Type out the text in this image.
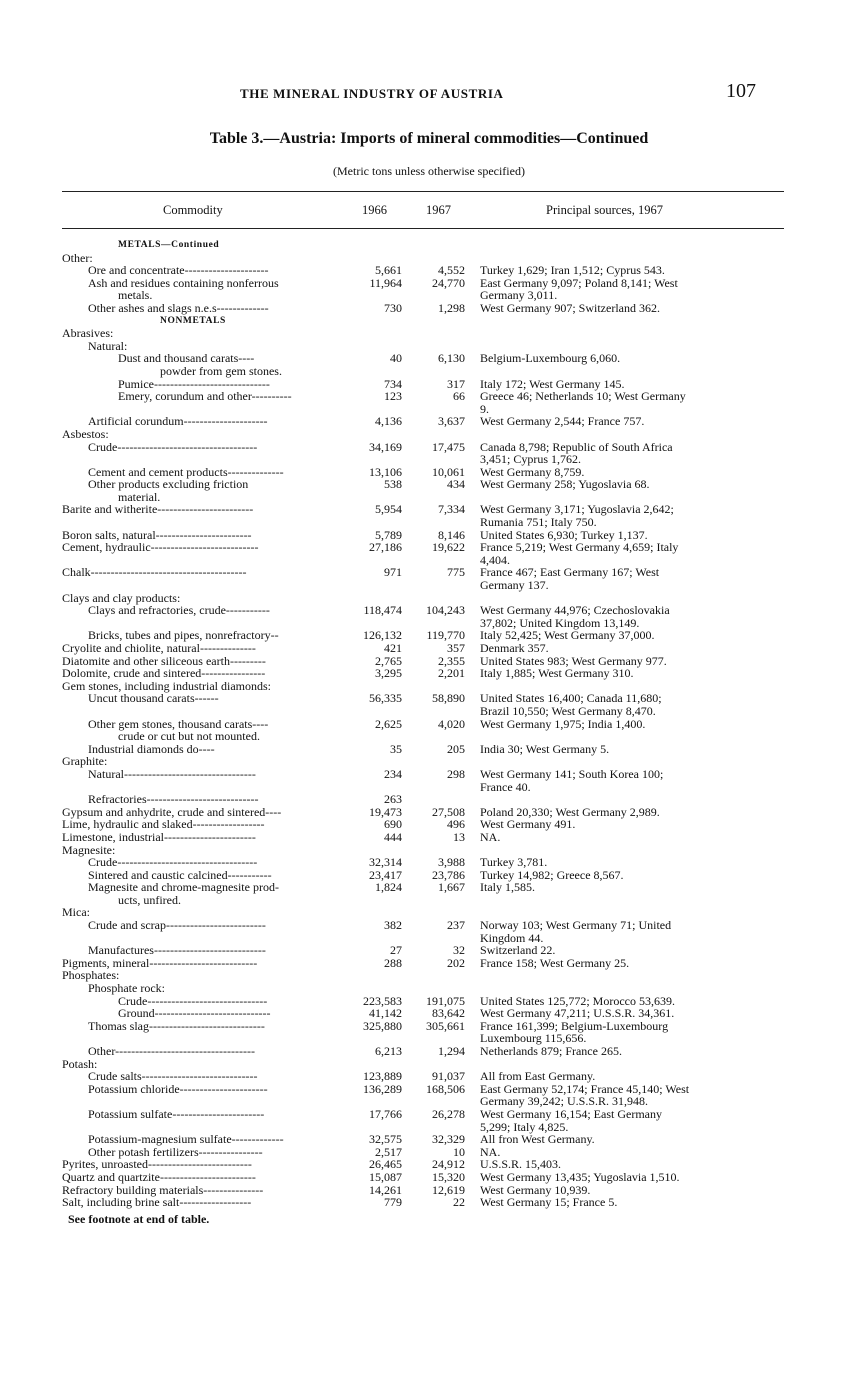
THE MINERAL INDUSTRY OF AUSTRIA	107
Table 3.—Austria: Imports of mineral commodities—Continued
(Metric tons unless otherwise specified)
Commodity	1966	1967	Principal sources, 1967
METALS—Continued
Other:
Ore and concentrate---------------------	5,661	4,552 Turkey 1,629; Iran 1,512; Cyprus 543.
Ash and residues containing nonferrous	11,964	24,770 East Germany 9,097; Poland 8,141; West
metals.	Germany 3,011.
Other ashes and slags n.e.s-------------	730	1,298 West Germany 907; Switzerland 362.
NONMETALS
Abrasives:
Natural:
Dust and thousand carats----	40	6,130 Belgium-Luxembourg 6,060.
powder from gem stones.
Pumice-----------------------------	734	317 Italy 172; West Germany 145.
Emery, corundum and other----------	123	66 Greece 46; Netherlands 10; West Germany
9.
Artificial corundum---------------------	4,136	3,637 West Germany 2,544; France 757.
Asbestos:
Crude-----------------------------------	34,169	17,475 Canada 8,798; Republic of South Africa
3,451; Cyprus 1,762.
Cement and cement products--------------	13,106	10,061 West Germany 8,759.
Other products excluding friction	538	434 West Germany 258; Yugoslavia 68.
material.
Barite and witherite------------------------	5,954	7,334 West Germany 3,171; Yugoslavia 2,642;
Rumania 751; Italy 750.
Boron salts, natural------------------------	5,789	8,146 United States 6,930; Turkey 1,137.
Cement, hydraulic---------------------------	27,186	19,622 France 5,219; West Germany 4,659; Italy
4,404.
Chalk---------------------------------------	971	775 France 467; East Germany 167; West
Germany 137.
Clays and clay products:
Clays and refractories, crude-----------	118,474 104,243 West Germany 44,976; Czechoslovakia
37,802; United Kingdom 13,149.
Bricks, tubes and pipes, nonrefractory--	126,132 119,770 Italy 52,425; West Germany 37,000.
Cryolite and chiolite, natural--------------	421	357 Denmark 357.
Diatomite and other siliceous earth---------	2,765	2,355 United States 983; West Germany 977.
Dolomite, crude and sintered----------------	3,295	2,201 Italy 1,885; West Germany 310.
Gem stones, including industrial diamonds:
Uncut thousand carats------	56,335	58,890 United States 16,400; Canada 11,680;
Brazil 10,550; West Germany 8,470.
Other gem stones, thousand carats----	2,625	4,020 West Germany 1,975; India 1,400.
crude or cut but not mounted.
Industrial diamonds do----	35	205 India 30; West Germany 5.
Graphite:
Natural---------------------------------	234	298 West Germany 141; South Korea 100;
France 40.
Refractories----------------------------	263
Gypsum and anhydrite, crude and sintered----	19,473	27,508 Poland 20,330; West Germany 2,989.
Lime, hydraulic and slaked------------------	690	496 West Germany 491.
Limestone, industrial-----------------------	444	13 NA.
Magnesite:
Crude-----------------------------------	32,314	3,988 Turkey 3,781.
Sintered and caustic calcined-----------	23,417	23,786 Turkey 14,982; Greece 8,567.
Magnesite and chrome-magnesite prod-	1,824	1,667 Italy 1,585.
ucts, unfired.
Mica:
Crude and scrap-------------------------	382	237 Norway 103; West Germany 71; United
Kingdom 44.
Manufactures----------------------------	27	32 Switzerland 22.
Pigments, mineral---------------------------	288	202 France 158; West Germany 25.
Phosphates:
Phosphate rock:
Crude------------------------------	223,583 191,075 United States 125,772; Morocco 53,639.
Ground-----------------------------	41,142	83,642 West Germany 47,211; U.S.S.R. 34,361.
Thomas slag-----------------------------	325,880 305,661 France 161,399; Belgium-Luxembourg
Luxembourg 115,656.
Other-----------------------------------	6,213	1,294 Netherlands 879; France 265.
Potash:
Crude salts-----------------------------	123,889	91,037 All from East Germany.
Potassium chloride----------------------	136,289 168,506 East Germany 52,174; France 45,140; West
Germany 39,242; U.S.S.R. 31,948.
Potassium sulfate-----------------------	17,766	26,278 West Germany 16,154; East Germany
5,299; Italy 4,825.
Potassium-magnesium sulfate-------------	32,575	32,329 All fron West Germany.
Other potash fertilizers----------------	2,517	10 NA.
Pyrites, unroasted--------------------------	26,465	24,912 U.S.S.R. 15,403.
Quartz and quartzite------------------------	15,087	15,320 West Germany 13,435; Yugoslavia 1,510.
Refractory building materials---------------	14,261	12,619 West Germany 10,939.
Salt, including brine salt------------------	779	22 West Germany 15; France 5.
See footnote at end of table.
